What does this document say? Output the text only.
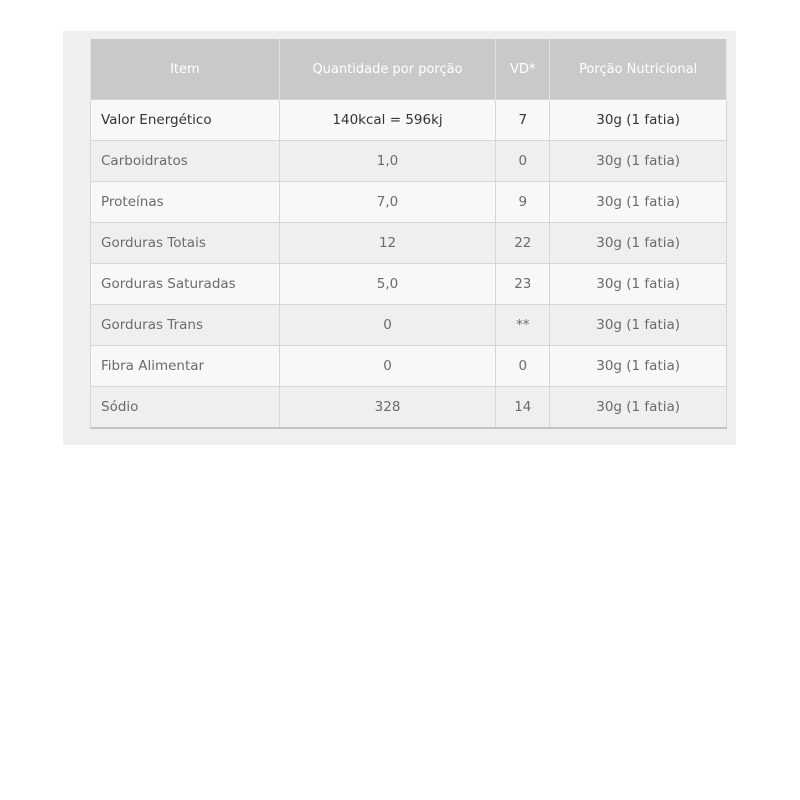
Item	Quantidade por porção	VD*	Porção Nutricional
Valor Energético	140kcal = 596kj	7	30g (1 fatia)
Carboidratos	1,0	0	30g (1 fatia)
Proteínas	7,0	9	30g (1 fatia)
Gorduras Totais	12	22	30g (1 fatia)
Gorduras Saturadas	5,0	23	30g (1 fatia)
Gorduras Trans	0	**	30g (1 fatia)
Fibra Alimentar	0	0	30g (1 fatia)
Sódio	328	14	30g (1 fatia)
